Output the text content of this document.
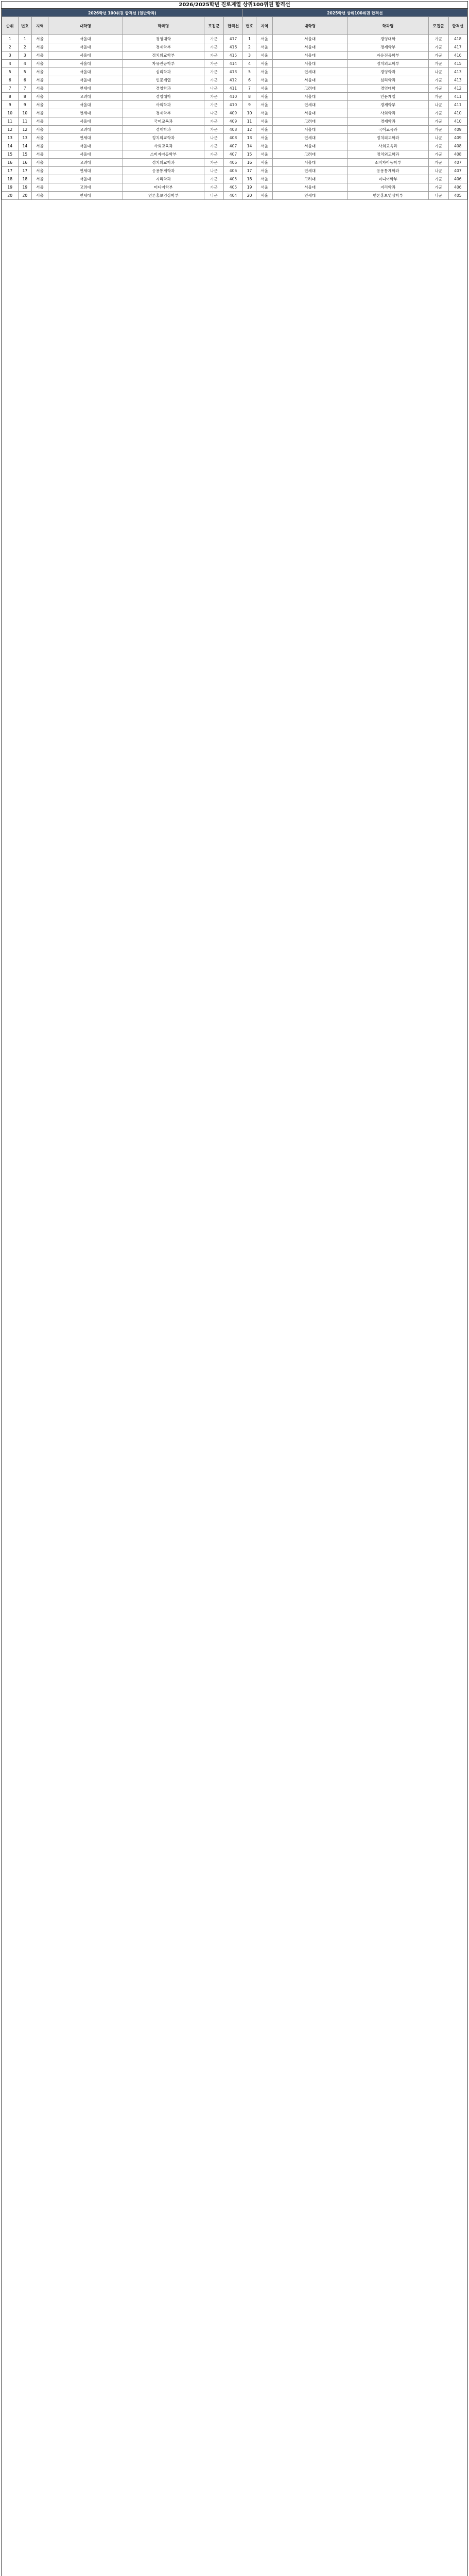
2026/2025학년 진로계열 상위100위권 합격선
2026학년 100위권 합격선 (일반학과)							2025학년 상위100위권 합격선					
순위	번호	지역	대학명	학과명	모집군	합격선	번호	지역	대학명	학과명	모집군	합격선
1	1	서울	서울대	경영대학	가군	417	1	서울	서울대	경영대학	가군	418
2	2	서울	서울대	경제학부	가군	416	2	서울	서울대	경제학부	가군	417
3	3	서울	서울대	정치외교학부	가군	415	3	서울	서울대	자유전공학부	가군	416
4	4	서울	서울대	자유전공학부	가군	414	4	서울	서울대	정치외교학부	가군	415
5	5	서울	서울대	심리학과	가군	413	5	서울	연세대	경영학과	나군	413
6	6	서울	서울대	인문계열	가군	412	6	서울	서울대	심리학과	가군	413
7	7	서울	연세대	경영학과	나군	411	7	서울	고려대	경영대학	가군	412
8	8	서울	고려대	경영대학	가군	410	8	서울	서울대	인문계열	가군	411
9	9	서울	서울대	사회학과	가군	410	9	서울	연세대	경제학부	나군	411
10	10	서울	연세대	경제학부	나군	409	10	서울	서울대	사회학과	가군	410
11	11	서울	서울대	국어교육과	가군	409	11	서울	고려대	경제학과	가군	410
12	12	서울	고려대	경제학과	가군	408	12	서울	서울대	국어교육과	가군	409
13	13	서울	연세대	정치외교학과	나군	408	13	서울	연세대	정치외교학과	나군	409
14	14	서울	서울대	사회교육과	가군	407	14	서울	서울대	사회교육과	가군	408
15	15	서울	서울대	소비자아동학부	가군	407	15	서울	고려대	정치외교학과	가군	408
16	16	서울	고려대	정치외교학과	가군	406	16	서울	서울대	소비자아동학부	가군	407
17	17	서울	연세대	응용통계학과	나군	406	17	서울	연세대	응용통계학과	나군	407
18	18	서울	서울대	지리학과	가군	405	18	서울	고려대	미디어학부	가군	406
19	19	서울	고려대	미디어학부	가군	405	19	서울	서울대	지리학과	가군	406
20	20	서울	연세대	언론홍보영상학부	나군	404	20	서울	연세대	언론홍보영상학부	나군	405
